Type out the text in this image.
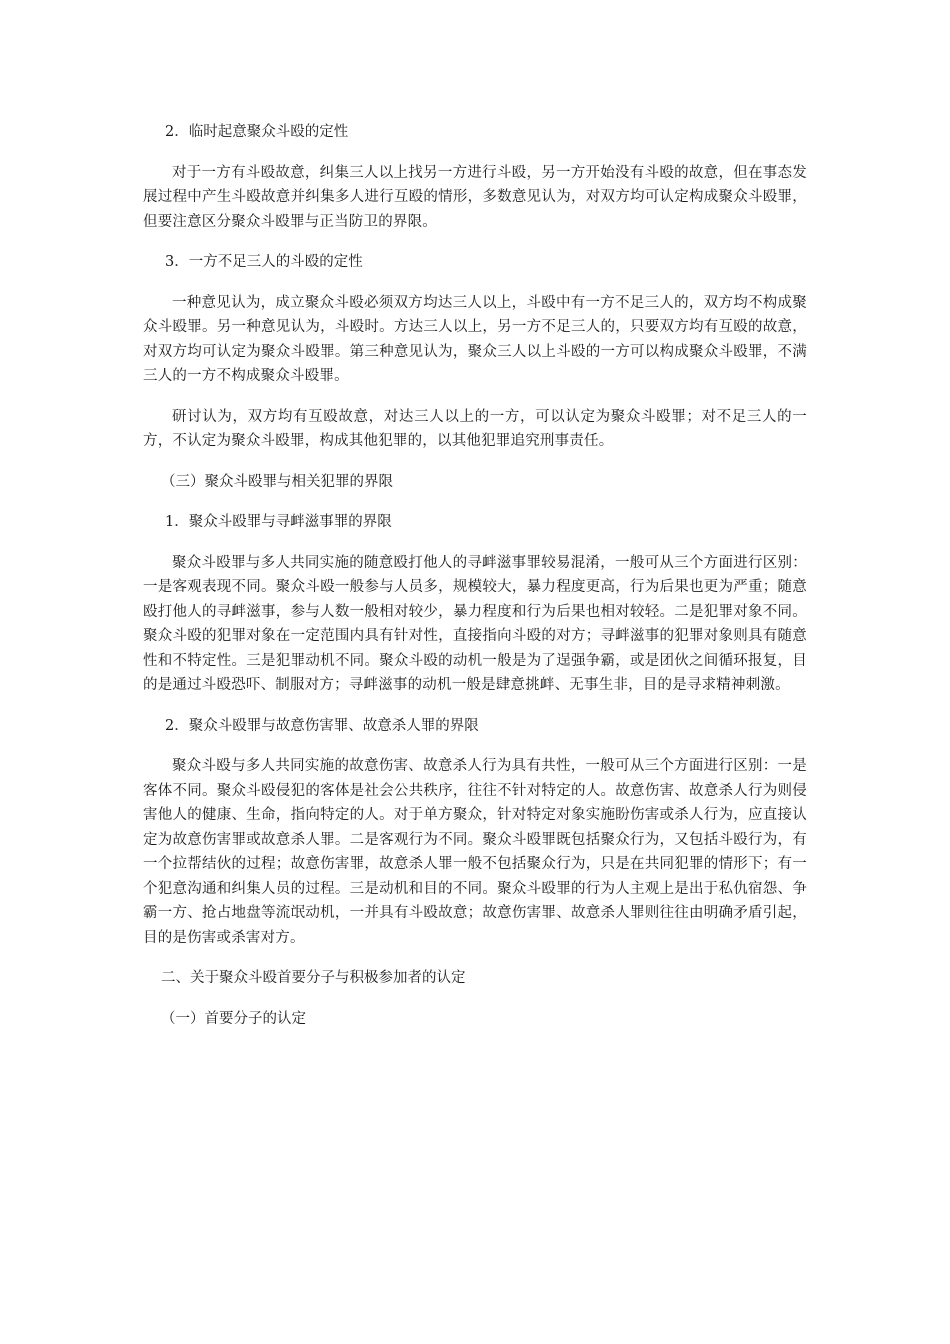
2．临时起意聚众斗殴的定性

对于一方有斗殴故意，纠集三人以上找另一方进行斗殴，另一方开始没有斗殴的故意，但在事态发展过程中产生斗殴故意并纠集多人进行互殴的情形，多数意见认为，对双方均可认定构成聚众斗殴罪，但要注意区分聚众斗殴罪与正当防卫的界限。

3．一方不足三人的斗殴的定性

一种意见认为，成立聚众斗殴必须双方均达三人以上，斗殴中有一方不足三人的，双方均不构成聚众斗殴罪。另一种意见认为，斗殴时。方达三人以上，另一方不足三人的，只要双方均有互殴的故意，对双方均可认定为聚众斗殴罪。第三种意见认为，聚众三人以上斗殴的一方可以构成聚众斗殴罪，不满三人的一方不构成聚众斗殴罪。

研讨认为，双方均有互殴故意，对达三人以上的一方，可以认定为聚众斗殴罪；对不足三人的一方，不认定为聚众斗殴罪，构成其他犯罪的，以其他犯罪追究刑事责任。

（三）聚众斗殴罪与相关犯罪的界限

1．聚众斗殴罪与寻衅滋事罪的界限

聚众斗殴罪与多人共同实施的随意殴打他人的寻衅滋事罪较易混淆，一般可从三个方面进行区别：一是客观表现不同。聚众斗殴一般参与人员多，规模较大，暴力程度更高，行为后果也更为严重；随意殴打他人的寻衅滋事，参与人数一般相对较少，暴力程度和行为后果也相对较轻。二是犯罪对象不同。聚众斗殴的犯罪对象在一定范围内具有针对性，直接指向斗殴的对方；寻衅滋事的犯罪对象则具有随意性和不特定性。三是犯罪动机不同。聚众斗殴的动机一般是为了逞强争霸，或是团伙之间循环报复，目的是通过斗殴恐吓、制服对方；寻衅滋事的动机一般是肆意挑衅、无事生非，目的是寻求精神刺激。

2．聚众斗殴罪与故意伤害罪、故意杀人罪的界限

聚众斗殴与多人共同实施的故意伤害、故意杀人行为具有共性，一般可从三个方面进行区别：一是客体不同。聚众斗殴侵犯的客体是社会公共秩序，往往不针对特定的人。故意伤害、故意杀人行为则侵害他人的健康、生命，指向特定的人。对于单方聚众，针对特定对象实施盼伤害或杀人行为，应直接认定为故意伤害罪或故意杀人罪。二是客观行为不同。聚众斗殴罪既包括聚众行为，又包括斗殴行为，有一个拉帮结伙的过程；故意伤害罪，故意杀人罪一般不包括聚众行为，只是在共同犯罪的情形下；有一个犯意沟通和纠集人员的过程。三是动机和目的不同。聚众斗殴罪的行为人主观上是出于私仇宿怨、争霸一方、抢占地盘等流氓动机，一并具有斗殴故意；故意伤害罪、故意杀人罪则往往由明确矛盾引起，目的是伤害或杀害对方。

二、关于聚众斗殴首要分子与积极参加者的认定

（一）首要分子的认定
